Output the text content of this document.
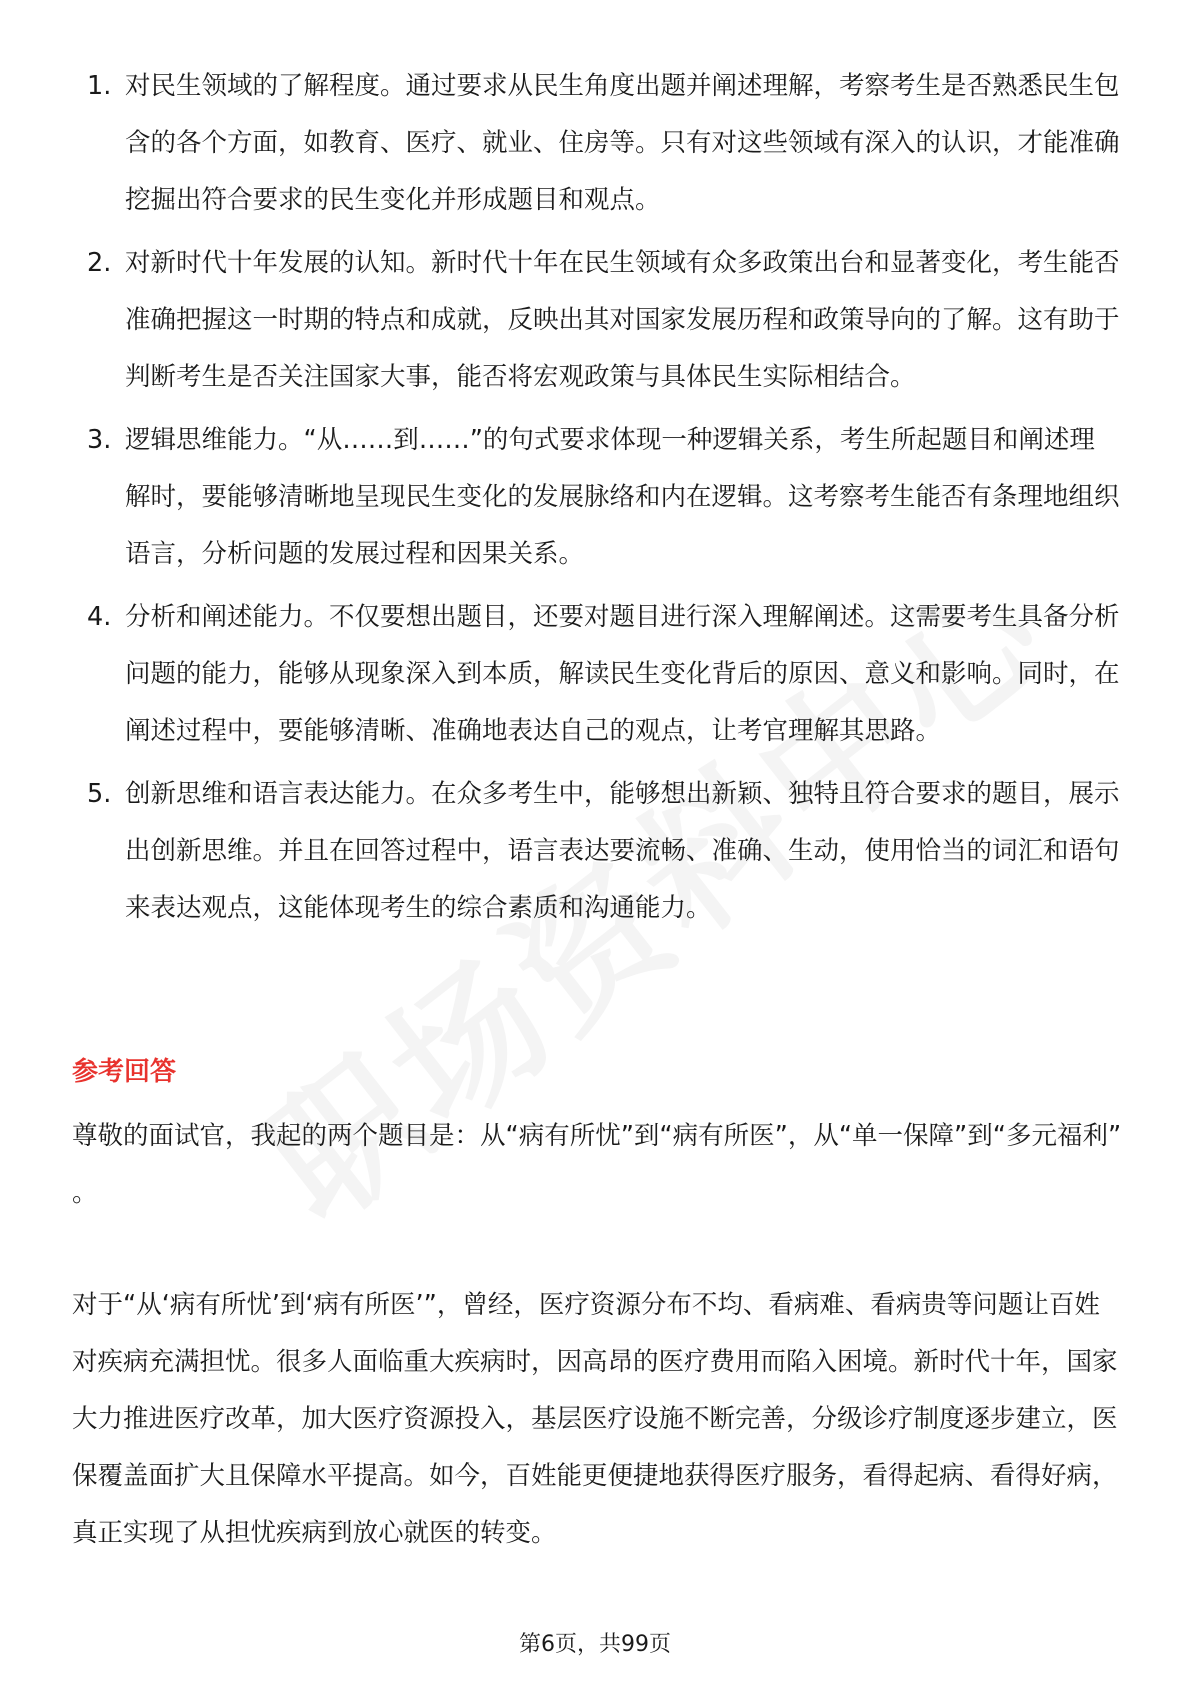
1. 对民生领域的了解程度。通过要求从民生角度出题并阐述理解，考察考生是否熟悉民生包含的各个方面，如教育、医疗、就业、住房等。只有对这些领域有深入的认识，才能准确挖掘出符合要求的民生变化并形成题目和观点。
2. 对新时代十年发展的认知。新时代十年在民生领域有众多政策出台和显著变化，考生能否准确把握这一时期的特点和成就，反映出其对国家发展历程和政策导向的了解。这有助于判断考生是否关注国家大事，能否将宏观政策与具体民生实际相结合。
3. 逻辑思维能力。“从……到……”的句式要求体现一种逻辑关系，考生所起题目和阐述理解时，要能够清晰地呈现民生变化的发展脉络和内在逻辑。这考察考生能否有条理地组织语言，分析问题的发展过程和因果关系。
4. 分析和阐述能力。不仅要想出题目，还要对题目进行深入理解阐述。这需要考生具备分析问题的能力，能够从现象深入到本质，解读民生变化背后的原因、意义和影响。同时，在阐述过程中，要能够清晰、准确地表达自己的观点，让考官理解其思路。
5. 创新思维和语言表达能力。在众多考生中，能够想出新颖、独特且符合要求的题目，展示出创新思维。并且在回答过程中，语言表达要流畅、准确、生动，使用恰当的词汇和语句来表达观点，这能体现考生的综合素质和沟通能力。
参考回答

尊敬的面试官，我起的两个题目是：从“病有所忧”到“病有所医”，从“单一保障”到“多元福利” 。

对于“从‘病有所忧’到‘病有所医’”，曾经，医疗资源分布不均、看病难、看病贵等问题让百姓对疾病充满担忧。很多人面临重大疾病时，因高昂的医疗费用而陷入困境。新时代十年，国家大力推进医疗改革，加大医疗资源投入，基层医疗设施不断完善，分级诊疗制度逐步建立，医保覆盖面扩大且保障水平提高。如今，百姓能更便捷地获得医疗服务，看得起病、看得好病，真正实现了从担忧疾病到放心就医的转变。

第6页，共99页
